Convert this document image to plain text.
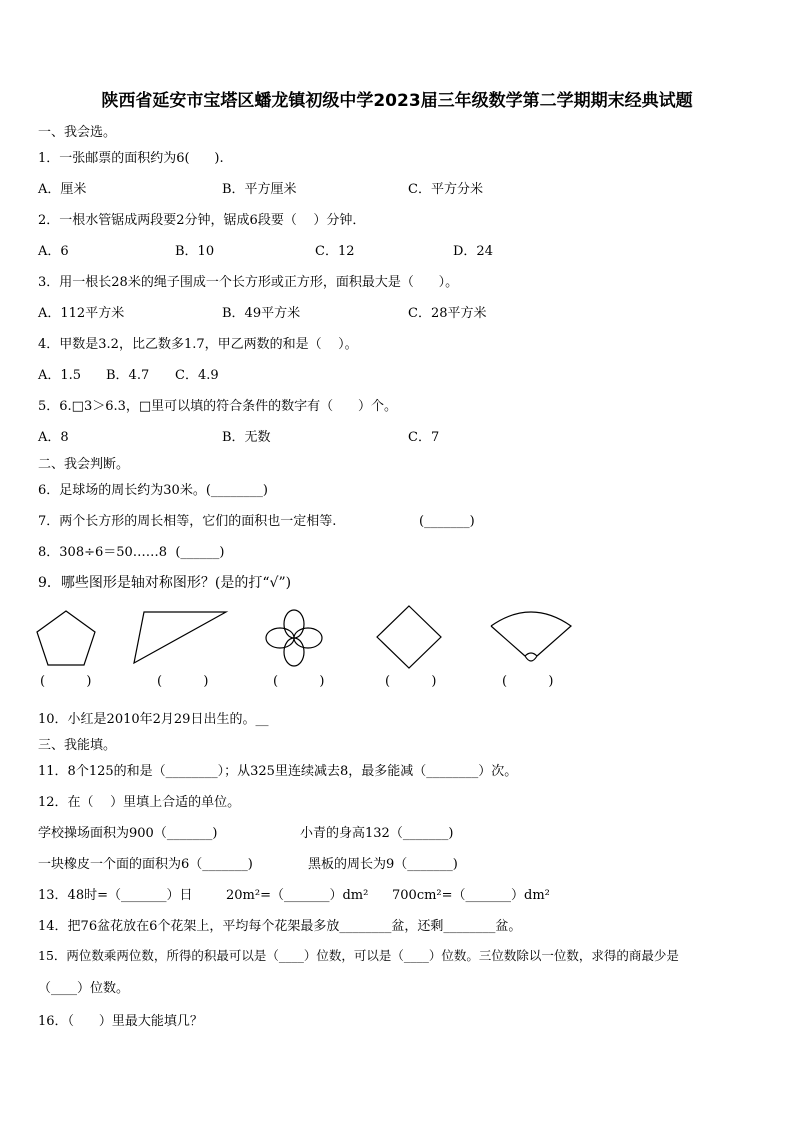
陕西省延安市宝塔区蟠龙镇初级中学2023届三年级数学第二学期期末经典试题
一、我会选。
1．一张邮票的面积约为6(      ).
A．厘米	B．平方厘米	C．平方分米
2．一根水管锯成两段要2分钟，锯成6段要（    ）分钟．
A．6	B．10	C．12	D．24
3．用一根长28米的绳子围成一个长方形或正方形，面积最大是（      ）。
A．112平方米	B．49平方米	C．28平方米
4．甲数是3.2，比乙数多1.7，甲乙两数的和是（    ）。
A．1.5 B．4.7 C．4.9
5．6.□3＞6.3，□里可以填的符合条件的数字有（      ）个。
A．8	B．无数	C．7
二、我会判断。
6．足球场的周长约为30米。(________)
7．两个长方形的周长相等，它们的面积也一定相等.                    (_______)
8．308÷6＝50……8  (______)
9．哪些图形是轴对称图形？(是的打“√”)
(          )	(          )	(          )	(          )	(          )
10．小红是2010年2月29日出生的。__
三、我能填。
11．8个125的和是（________）；从325里连续减去8，最多能减（________）次。
12．在（    ）里填上合适的单位。
学校操场面积为900（_______)	小青的身高132（_______)
一块橡皮一个面的面积为6（_______)	黑板的周长为9（_______)
13．48时=（_______）日	20m²=（_______）dm² 700cm²=（_______）dm²
14．把76盆花放在6个花架上，平均每个花架最多放________盆，还剩________盆。
15．两位数乘两位数，所得的积最可以是（____）位数，可以是（____）位数。三位数除以一位数，求得的商最少是
（____）位数。
16．（      ）里最大能填几？
